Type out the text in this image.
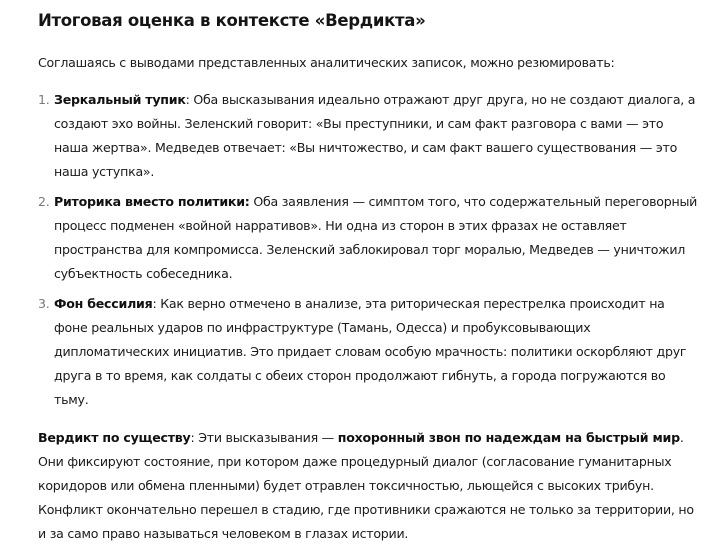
Итоговая оценка в контексте «Вердикта»

Соглашаясь с выводами представленных аналитических записок, можно резюмировать:

1. Зеркальный тупик: Оба высказывания идеально отражают друг друга, но не создают диалога, а создают эхо войны. Зеленский говорит: «Вы преступники, и сам факт разговора с вами — это наша жертва». Медведев отвечает: «Вы ничтожество, и сам факт вашего существования — это наша уступка».
2. Риторика вместо политики: Оба заявления — симптом того, что содержательный переговорный процесс подменен «войной нарративов». Ни одна из сторон в этих фразах не оставляет пространства для компромисса. Зеленский заблокировал торг моралью, Медведев — уничтожил субъектность собеседника.
3. Фон бессилия: Как верно отмечено в анализе, эта риторическая перестрелка происходит на фоне реальных ударов по инфраструктуре (Тамань, Одесса) и пробуксовывающих дипломатических инициатив. Это придает словам особую мрачность: политики оскорбляют друг друга в то время, как солдаты с обеих сторон продолжают гибнуть, а города погружаются во тьму.

Вердикт по существу: Эти высказывания — похоронный звон по надеждам на быстрый мир. Они фиксируют состояние, при котором даже процедурный диалог (согласование гуманитарных коридоров или обмена пленными) будет отравлен токсичностью, льющейся с высоких трибун. Конфликт окончательно перешел в стадию, где противники сражаются не только за территории, но и за само право называться человеком в глазах истории.
